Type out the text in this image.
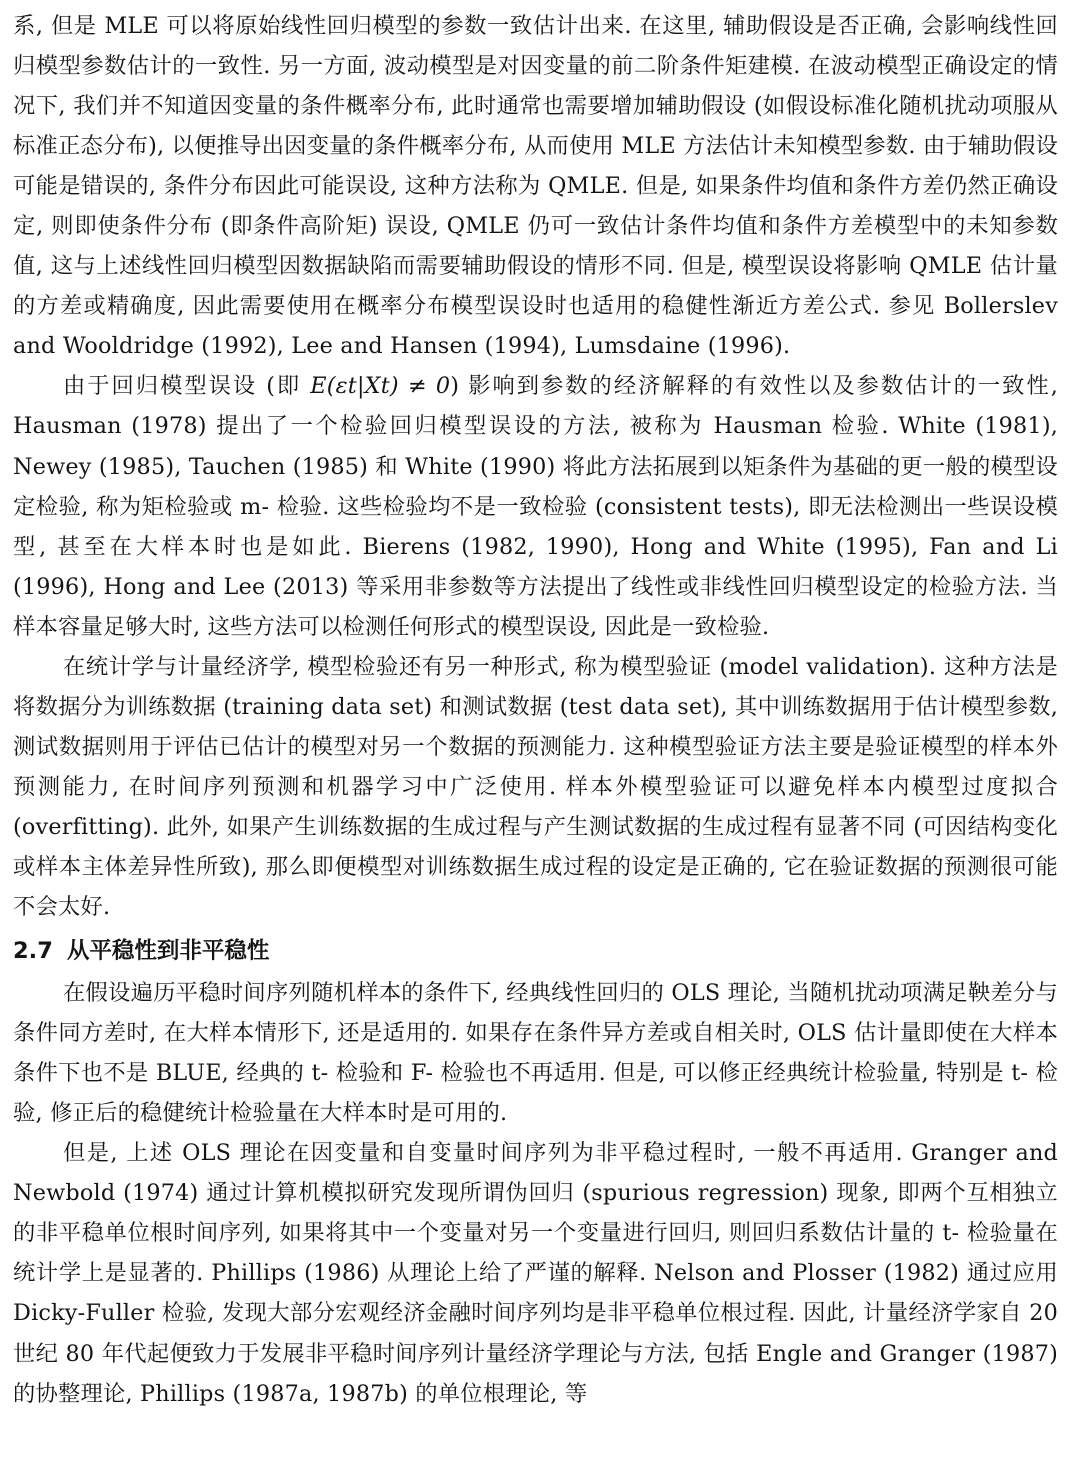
系, 但是 MLE 可以将原始线性回归模型的参数一致估计出来. 在这里, 辅助假设是否正确, 会影响线性回归模型参数估计的一致性. 另一方面, 波动模型是对因变量的前二阶条件矩建模. 在波动模型正确设定的情况下, 我们并不知道因变量的条件概率分布, 此时通常也需要增加辅助假设 (如假设标准化随机扰动项服从标准正态分布), 以便推导出因变量的条件概率分布, 从而使用 MLE 方法估计未知模型参数. 由于辅助假设可能是错误的, 条件分布因此可能误设, 这种方法称为 QMLE. 但是, 如果条件均值和条件方差仍然正确设定, 则即使条件分布 (即条件高阶矩) 误设, QMLE 仍可一致估计条件均值和条件方差模型中的未知参数值, 这与上述线性回归模型因数据缺陷而需要辅助假设的情形不同. 但是, 模型误设将影响 QMLE 估计量的方差或精确度, 因此需要使用在概率分布模型误设时也适用的稳健性渐近方差公式. 参见 Bollerslev and Wooldridge (1992), Lee and Hansen (1994), Lumsdaine (1996).

由于回归模型误设 (即 E(εt|Xt) ≠ 0) 影响到参数的经济解释的有效性以及参数估计的一致性, Hausman (1978) 提出了一个检验回归模型误设的方法, 被称为 Hausman 检验. White (1981), Newey (1985), Tauchen (1985) 和 White (1990) 将此方法拓展到以矩条件为基础的更一般的模型设定检验, 称为矩检验或 m- 检验. 这些检验均不是一致检验 (consistent tests), 即无法检测出一些误设模型, 甚至在大样本时也是如此. Bierens (1982, 1990), Hong and White (1995), Fan and Li (1996), Hong and Lee (2013) 等采用非参数等方法提出了线性或非线性回归模型设定的检验方法. 当样本容量足够大时, 这些方法可以检测任何形式的模型误设, 因此是一致检验.

在统计学与计量经济学, 模型检验还有另一种形式, 称为模型验证 (model validation). 这种方法是将数据分为训练数据 (training data set) 和测试数据 (test data set), 其中训练数据用于估计模型参数, 测试数据则用于评估已估计的模型对另一个数据的预测能力. 这种模型验证方法主要是验证模型的样本外预测能力, 在时间序列预测和机器学习中广泛使用. 样本外模型验证可以避免样本内模型过度拟合 (overfitting). 此外, 如果产生训练数据的生成过程与产生测试数据的生成过程有显著不同 (可因结构变化或样本主体差异性所致), 那么即便模型对训练数据生成过程的设定是正确的, 它在验证数据的预测很可能不会太好.

2.7 从平稳性到非平稳性

在假设遍历平稳时间序列随机样本的条件下, 经典线性回归的 OLS 理论, 当随机扰动项满足鞅差分与条件同方差时, 在大样本情形下, 还是适用的. 如果存在条件异方差或自相关时, OLS 估计量即使在大样本条件下也不是 BLUE, 经典的 t- 检验和 F- 检验也不再适用. 但是, 可以修正经典统计检验量, 特别是 t- 检验, 修正后的稳健统计检验量在大样本时是可用的.

但是, 上述 OLS 理论在因变量和自变量时间序列为非平稳过程时, 一般不再适用. Granger and Newbold (1974) 通过计算机模拟研究发现所谓伪回归 (spurious regression) 现象, 即两个互相独立的非平稳单位根时间序列, 如果将其中一个变量对另一个变量进行回归, 则回归系数估计量的 t- 检验量在统计学上是显著的. Phillips (1986) 从理论上给了严谨的解释. Nelson and Plosser (1982) 通过应用 Dicky-Fuller 检验, 发现大部分宏观经济金融时间序列均是非平稳单位根过程. 因此, 计量经济学家自 20 世纪 80 年代起便致力于发展非平稳时间序列计量经济学理论与方法, 包括 Engle and Granger (1987) 的协整理论, Phillips (1987a, 1987b) 的单位根理论, 等
